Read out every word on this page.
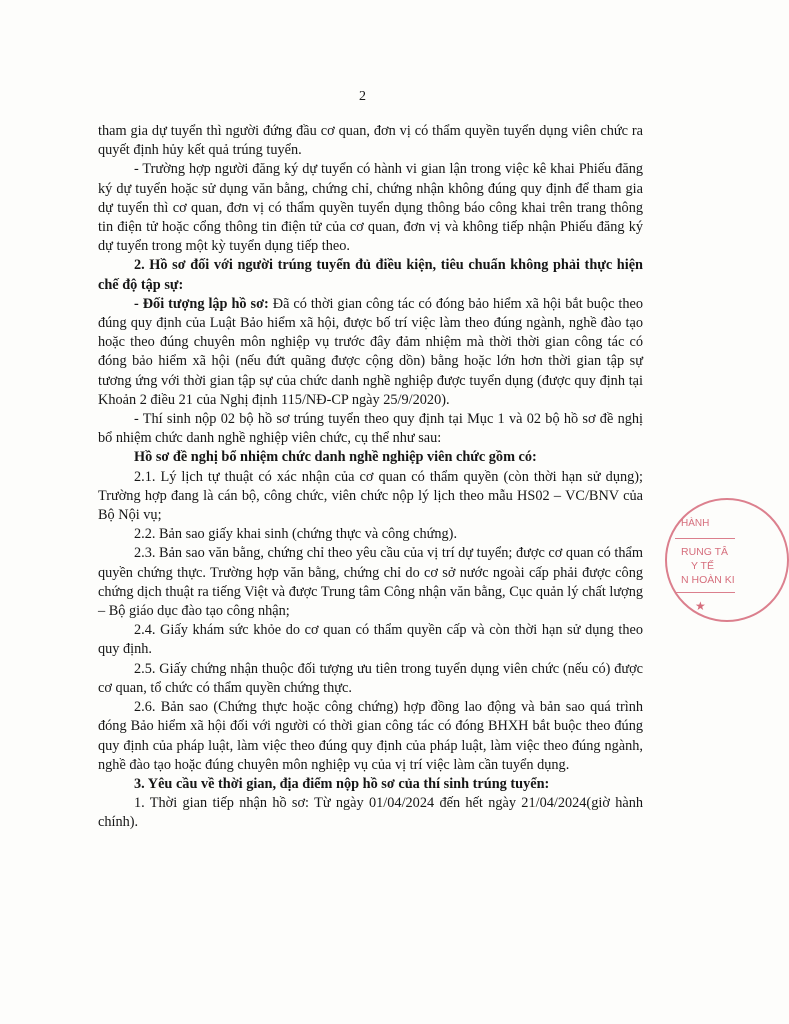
2

tham gia dự tuyển thì người đứng đầu cơ quan, đơn vị có thẩm quyền tuyển dụng viên chức ra quyết định hủy kết quả trúng tuyển.

- Trường hợp người đăng ký dự tuyển có hành vi gian lận trong việc kê khai Phiếu đăng ký dự tuyển hoặc sử dụng văn bằng, chứng chỉ, chứng nhận không đúng quy định để tham gia dự tuyển thì cơ quan, đơn vị có thẩm quyền tuyển dụng thông báo công khai trên trang thông tin điện tử hoặc cổng thông tin điện tử của cơ quan, đơn vị và không tiếp nhận Phiếu đăng ký dự tuyển trong một kỳ tuyển dụng tiếp theo.

2. Hồ sơ đối với người trúng tuyển đủ điều kiện, tiêu chuẩn không phải thực hiện chế độ tập sự:

- Đối tượng lập hồ sơ: Đã có thời gian công tác có đóng bảo hiểm xã hội bắt buộc theo đúng quy định của Luật Bảo hiểm xã hội, được bố trí việc làm theo đúng ngành, nghề đào tạo hoặc theo đúng chuyên môn nghiệp vụ trước đây đảm nhiệm mà thời thời gian công tác có đóng bảo hiểm xã hội (nếu đứt quãng được cộng dồn) bằng hoặc lớn hơn thời gian tập sự tương ứng với thời gian tập sự của chức danh nghề nghiệp được tuyển dụng (được quy định tại Khoản 2 điều 21 của Nghị định 115/NĐ-CP ngày 25/9/2020).

- Thí sinh nộp 02 bộ hồ sơ trúng tuyển theo quy định tại Mục 1 và 02 bộ hồ sơ đề nghị bổ nhiệm chức danh nghề nghiệp viên chức, cụ thể như sau:

Hồ sơ đề nghị bổ nhiệm chức danh nghề nghiệp viên chức gồm có:

2.1. Lý lịch tự thuật có xác nhận của cơ quan có thẩm quyền (còn thời hạn sử dụng); Trường hợp đang là cán bộ, công chức, viên chức nộp lý lịch theo mẫu HS02 – VC/BNV của Bộ Nội vụ;

2.2. Bản sao giấy khai sinh (chứng thực và công chứng).

2.3. Bản sao văn bằng, chứng chỉ theo yêu cầu của vị trí dự tuyển; được cơ quan có thẩm quyền chứng thực. Trường hợp văn bằng, chứng chỉ do cơ sở nước ngoài cấp phải được công chứng dịch thuật ra tiếng Việt và được Trung tâm Công nhận văn bằng, Cục quản lý chất lượng – Bộ giáo dục đào tạo công nhận;

2.4. Giấy khám sức khỏe do cơ quan có thẩm quyền cấp và còn thời hạn sử dụng theo quy định.

2.5. Giấy chứng nhận thuộc đối tượng ưu tiên trong tuyển dụng viên chức (nếu có) được cơ quan, tổ chức có thẩm quyền chứng thực.

2.6. Bản sao (Chứng thực hoặc công chứng) hợp đồng lao động và bản sao quá trình đóng Bảo hiểm xã hội đối với người có thời gian công tác có đóng BHXH bắt buộc theo đúng quy định của pháp luật, làm việc theo đúng quy định của pháp luật, làm việc theo đúng ngành, nghề đào tạo hoặc đúng chuyên môn nghiệp vụ của vị trí việc làm cần tuyển dụng.

3. Yêu cầu về thời gian, địa điểm nộp hồ sơ của thí sinh trúng tuyển:

1. Thời gian tiếp nhận hồ sơ: Từ ngày 01/04/2024 đến hết ngày 21/04/2024(giờ hành chính).

HÀNH
RUNG TÂ
Y TẾ
N HOÀN KI
★
